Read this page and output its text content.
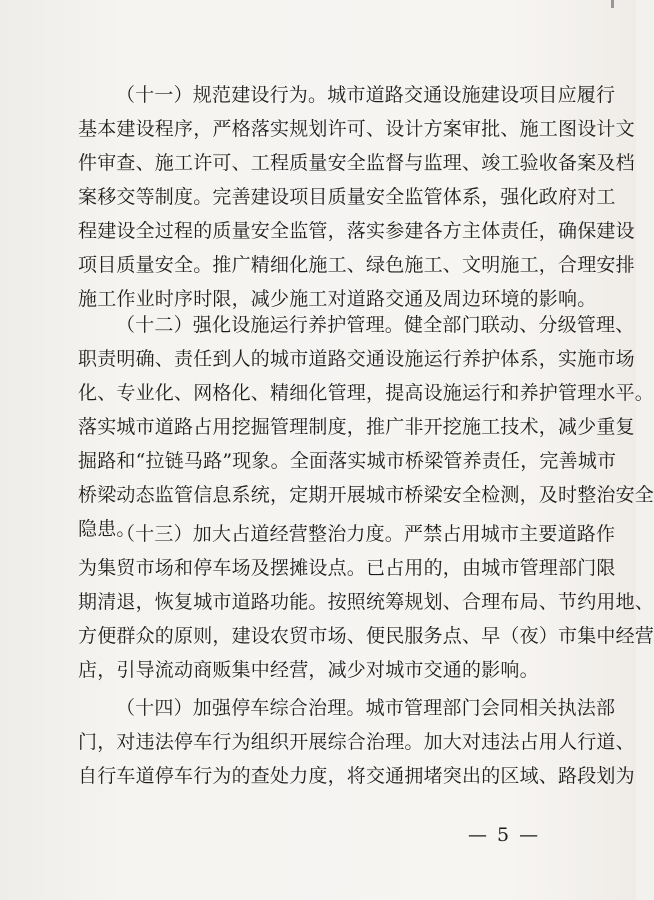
（十一）规范建设行为。城市道路交通设施建设项目应履行
基本建设程序，严格落实规划许可、设计方案审批、施工图设计文
件审查、施工许可、工程质量安全监督与监理、竣工验收备案及档
案移交等制度。完善建设项目质量安全监管体系，强化政府对工
程建设全过程的质量安全监管，落实参建各方主体责任，确保建设
项目质量安全。推广精细化施工、绿色施工、文明施工，合理安排
施工作业时序时限，减少施工对道路交通及周边环境的影响。
（十二）强化设施运行养护管理。健全部门联动、分级管理、
职责明确、责任到人的城市道路交通设施运行养护体系，实施市场
化、专业化、网格化、精细化管理，提高设施运行和养护管理水平。
落实城市道路占用挖掘管理制度，推广非开挖施工技术，减少重复
掘路和“拉链马路”现象。全面落实城市桥梁管养责任，完善城市
桥梁动态监管信息系统，定期开展城市桥梁安全检测，及时整治安全
隐患。
（十三）加大占道经营整治力度。严禁占用城市主要道路作
为集贸市场和停车场及摆摊设点。已占用的，由城市管理部门限
期清退，恢复城市道路功能。按照统筹规划、合理布局、节约用地、
方便群众的原则，建设农贸市场、便民服务点、早（夜）市集中经营
店，引导流动商贩集中经营，减少对城市交通的影响。
（十四）加强停车综合治理。城市管理部门会同相关执法部
门，对违法停车行为组织开展综合治理。加大对违法占用人行道、
自行车道停车行为的查处力度，将交通拥堵突出的区域、路段划为
— 5 —
